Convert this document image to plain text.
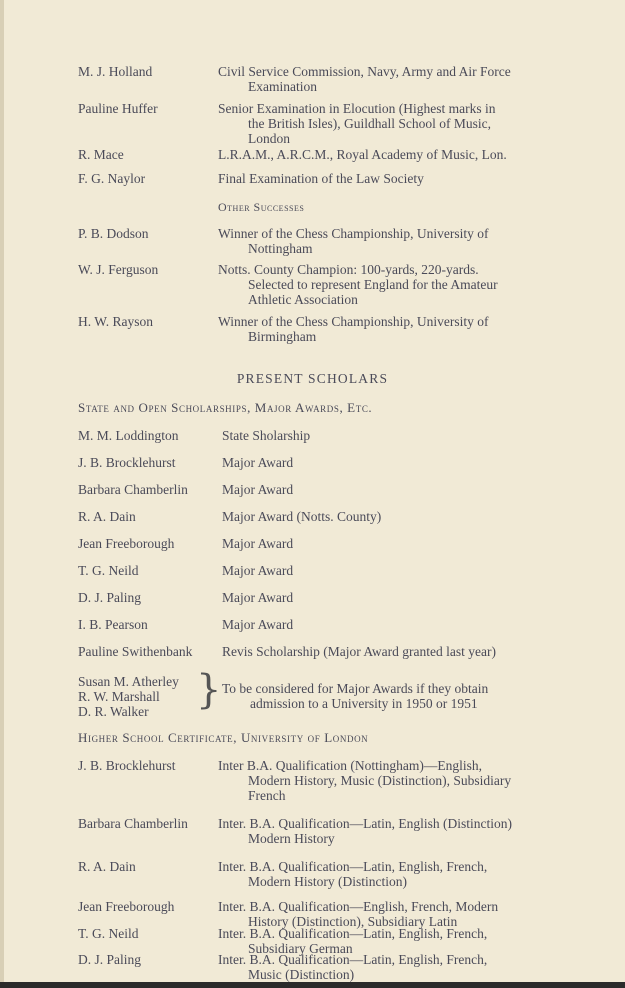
M. J. Holland	Civil Service Commission, Navy, Army and Air Force
Examination
Pauline Huffer	Senior Examination in Elocution (Highest marks in
the British Isles), Guildhall School of Music,
London
R. Mace	L.R.A.M., A.R.C.M., Royal Academy of Music, Lon.
F. G. Naylor	Final Examination of the Law Society
Other Successes
P. B. Dodson	Winner of the Chess Championship, University of
Nottingham
W. J. Ferguson	Notts. County Champion: 100-yards, 220-yards.
Selected to represent England for the Amateur
Athletic Association
H. W. Rayson	Winner of the Chess Championship, University of
Birmingham
PRESENT SCHOLARS
State and Open Scholarships, Major Awards, Etc.
M. M. Loddington	State Sholarship
J. B. Brocklehurst	Major Award
Barbara Chamberlin	Major Award
R. A. Dain	Major Award (Notts. County)
Jean Freeborough	Major Award
T. G. Neild	Major Award
D. J. Paling	Major Award
I. B. Pearson	Major Award
Pauline Swithenbank Revis Scholarship (Major Award granted last year)
Susan M. Atherley
R. W. Marshall
D. R. Walker	} To be considered for Major Awards if they obtain
admission to a University in 1950 or 1951
Higher School Certificate, University of London
J. B. Brocklehurst	Inter B.A. Qualification (Nottingham)—English,
Modern History, Music (Distinction), Subsidiary
French
Barbara Chamberlin Inter. B.A. Qualification—Latin, English (Distinction)
Modern History
R. A. Dain	Inter. B.A. Qualification—Latin, English, French,
Modern History (Distinction)
Jean Freeborough	Inter. B.A. Qualification—English, French, Modern
History (Distinction), Subsidiary Latin
T. G. Neild	Inter. B.A. Qualification—Latin, English, French,
Subsidiary German
D. J. Paling	Inter. B.A. Qualification—Latin, English, French,
Music (Distinction)
